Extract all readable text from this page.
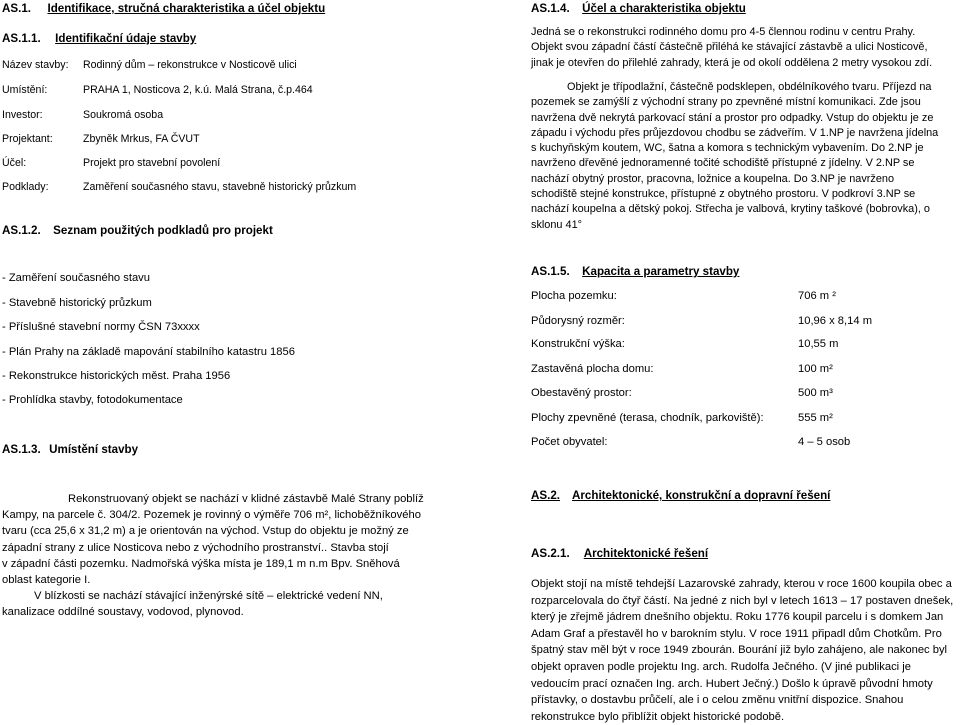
AS.1. Identifikace, stručná charakteristika a účel objektu
AS.1.1. Identifikační údaje stavby
Název stavby: Rodinný dům – rekonstrukce v Nosticově ulici
Umístění:	PRAHA 1, Nosticova 2, k.ú. Malá Strana, č.p.464
Investor:	Soukromá osoba
Projektant:	Zbyněk Mrkus, FA ČVUT
Účel:	Projekt pro stavební povolení
Podklady:	Zaměření současného stavu, stavebně historický průzkum
AS.1.2. Seznam použitých podkladů pro projekt
AS.1.4. Účel a charakteristika objektu
Jedná se o rekonstrukci rodinného domu pro 4-5 člennou rodinu v centru Prahy.
Objekt svou západní částí částečně přiléhá ke stávající zástavbě a ulici Nosticově,
jinak je otevřen do přilehlé zahrady, která je od okolí oddělena 2 metry vysokou zdí.
Objekt je třípodlažní, částečně podsklepen, obdélníkového tvaru. Příjezd na
pozemek se zamýšlí z východní strany po zpevněné místní komunikaci. Zde jsou
navrženа dvě nekrytá parkovací stání a prostor pro odpadky. Vstup do objektu je ze
západu i východu přes průjezdovou chodbu se zádveřím. V 1.NP je navržena jídelna
s kuchyňským koutem, WC, šatna a komora s technickým vybavením. Do 2.NP je
navrženo dřevěné jednoramenné točité schodiště přístupné z jídelny. V 2.NP se
nachází obytný prostor, pracovna, ložnice a koupelna. Do 3.NP je navrženo
schodiště stejné konstrukce, přístupné z obytného prostoru. V podkroví 3.NP se
nachází koupelna a dětský pokoj. Střecha je valbová, krytiny taškové (bobrovka), o
sklonu 41°
- Zaměření současného stavu
- Stavebně historický průzkum
- Příslušné stavební normy ČSN 73xxxx
- Plán Prahy na základě mapování stabilního katastru 1856
- Rekonstrukce historických měst. Praha 1956
- Prohlídka stavby, fotodokumentace
AS.1.3. Umístění stavby
AS.1.5. Kapacita a parametry stavby
Plocha pozemku:	706 m ²
Půdorysný rozměr:	10,96 x 8,14 m
Konstrukční výška:	10,55 m
Zastavěná plocha domu:	100 m²
Obestavěný prostor:	500 m³
Plochy zpevněné (terasa, chodník, parkoviště):	555 m²
Počet obyvatel:	4 – 5 osob
Rekonstruovaný objekt se nachází v klidné zástavbě Malé Strany poblíž
Kampy, na parcele č. 304/2. Pozemek je rovinný o výměře 706 m², lichoběžníkového
tvaru (cca 25,6 x 31,2 m) a je orientován na východ. Vstup do objektu je možný ze
západní strany z ulice Nosticova nebo z východního prostranství.. Stavba stojí
v západní části pozemku. Nadmořská výška místa je 189,1 m n.m Bpv. Sněhová
oblast kategorie I.
V blízkosti se nachází stávající inženýrské sítě – elektrické vedení NN,
kanalizace oddílné soustavy, vodovod, plynovod.
AS.2. Architektonické, konstrukční a dopravní řešení
AS.2.1. Architektonické řešení
Objekt stojí na místě tehdejší Lazarovské zahrady, kterou v roce 1600 koupila obec a
rozparcelovala do čtyř částí. Na jedné z nich byl v letech 1613 – 17 postaven dnešek,
který je zřejmě jádrem dnešního objektu. Roku 1776 koupil parcelu i s domkem Jan
Adam Graf a přestavěl ho v barokním stylu. V roce 1911 připadl dům Chotkům. Pro
špatný stav měl být v roce 1949 zbourán. Bourání již bylo zahájeno, ale nakonec byl
objekt opraven podle projektu Ing. arch. Rudolfa Ječného. (V jiné publikaci je
vedoucím prací označen Ing. arch. Hubert Ječný.) Došlo k úpravě původní hmoty
přístavky, o dostavbu průčelí, ale i o celou změnu vnitřní dispozice. Snahou
rekonstrukce bylo přiblížit objekt historické podobě.
